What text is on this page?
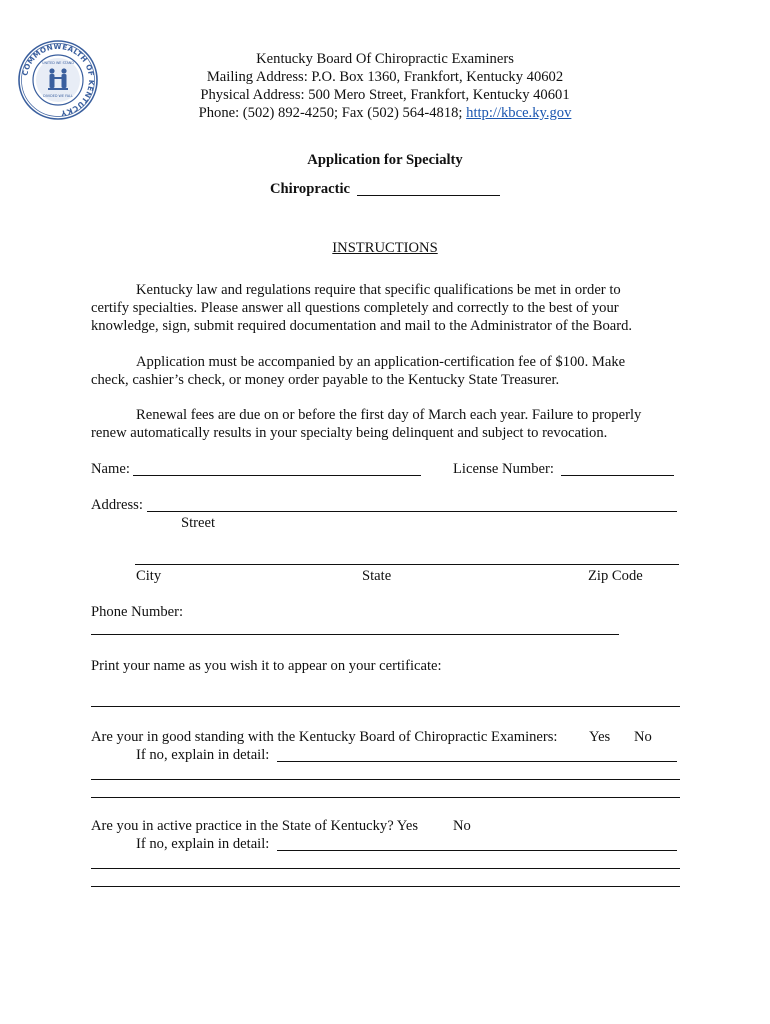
COMMONWEALTH OF KENTUCKY
UNITED WE STAND
DIVIDED WE FALL
Kentucky Board Of Chiropractic Examiners
Mailing Address: P.O. Box 1360, Frankfort, Kentucky 40602
Physical Address: 500 Mero Street, Frankfort, Kentucky 40601
Phone: (502) 892-4250; Fax (502) 564-4818; http://kbce.ky.gov
Application for Specialty
Chiropractic
INSTRUCTIONS
Kentucky law and regulations require that specific qualifications be met in order to
certify specialties. Please answer all questions completely and correctly to the best of your
knowledge, sign, submit required documentation and mail to the Administrator of the Board.
Application must be accompanied by an application-certification fee of $100. Make
check, cashier’s check, or money order payable to the Kentucky State Treasurer.
Renewal fees are due on or before the first day of March each year. Failure to properly
renew automatically results in your specialty being delinquent and subject to revocation.
Name:	License Number:
Address:
Street
City	State	Zip Code
Phone Number:
Print your name as you wish it to appear on your certificate:
Are your in good standing with the Kentucky Board of Chiropractic Examiners: Yes No
If no, explain in detail:
Are you in active practice in the State of Kentucky? Yes No
If no, explain in detail:
